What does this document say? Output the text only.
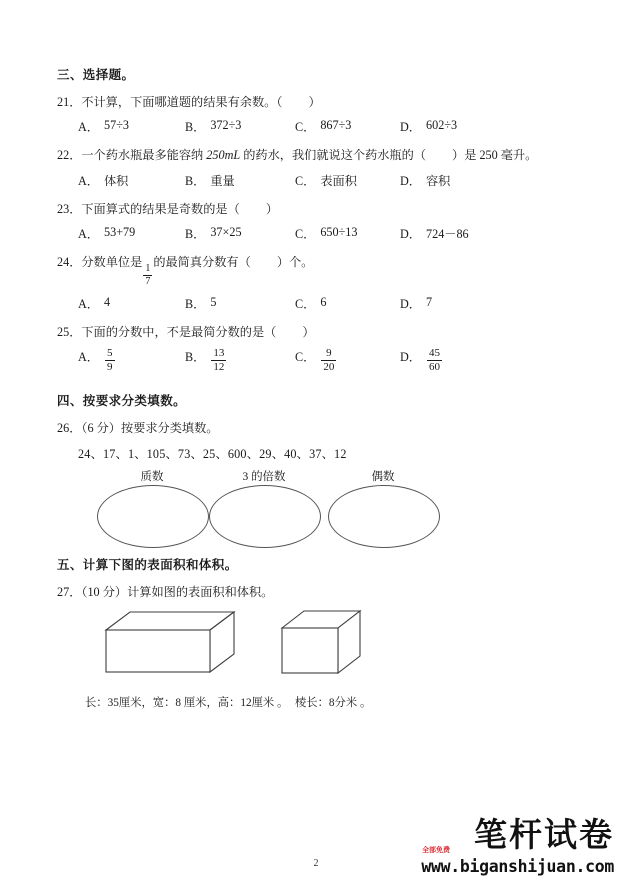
三、选择题。
21．不计算，下面哪道题的结果有余数。（ ）
A． 57÷3	B． 372÷3	C． 867÷3	D． 602÷3
22．一个药水瓶最多能容纳 250mL 的药水，我们就说这个药水瓶的（ ）是 250 毫升。
A． 体积	B． 重量	C． 表面积	D． 容积
23．下面算式的结果是奇数的是（ ）
A． 53+79	B． 37×25	C． 650÷13	D． 724－86
24．分数单位是
$\frac{1}{7}$
的最简真分数有（ ）个。
A． 4	B． 5	C． 6	D． 7
25．下面的分数中，不是最简分数的是（ ）
A． $\frac{5}{9}$	B． $\frac{13}{12}$	C． $\frac{9}{20}$	D． $\frac{45}{60}$
四、按要求分类填数。
26．（6 分）按要求分类填数。
24、17、1、105、73、25、600、29、40、37、12
质数	3 的倍数	偶数
五、计算下图的表面积和体积。
27．（10 分）计算如图的表面积和体积。
长：35厘米，宽：8 厘米，高：12厘米 。 棱长：8分米 。
2
笔杆试卷
全部免费
www.biganshijuan.com
